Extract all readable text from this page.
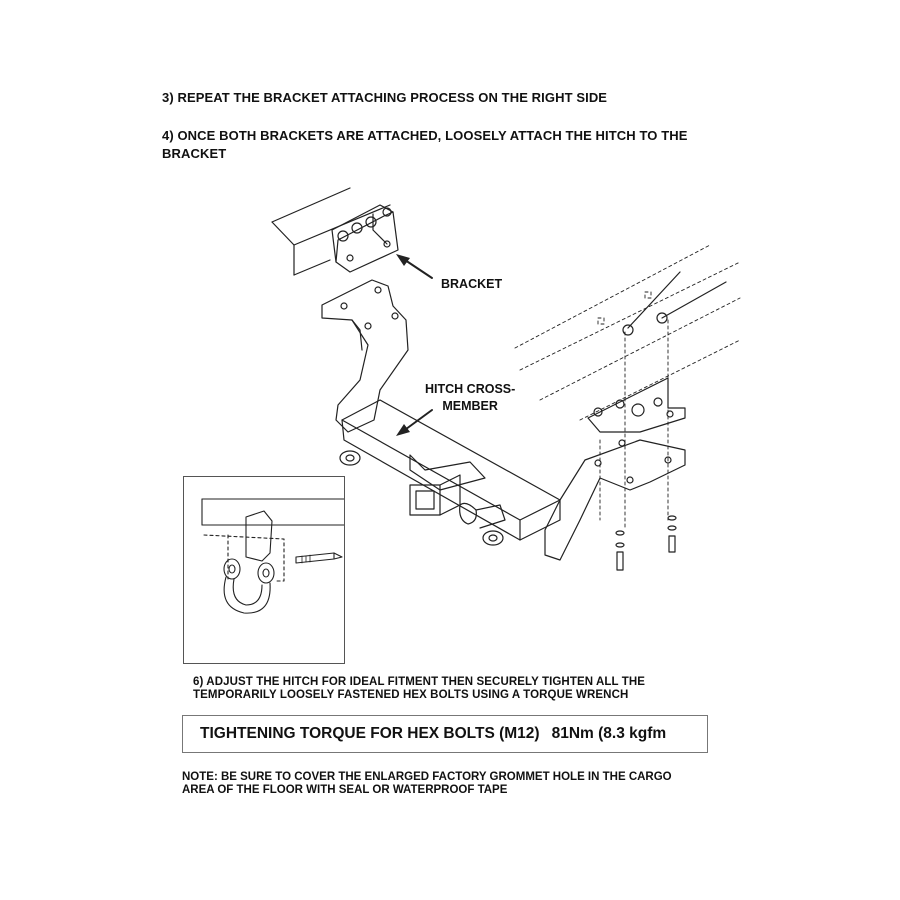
3) REPEAT THE BRACKET ATTACHING PROCESS ON THE RIGHT SIDE

4) ONCE BOTH BRACKETS ARE ATTACHED, LOOSELY ATTACH THE HITCH TO THE BRACKET

BRACKET
HITCH CROSS-
MEMBER

6) ADJUST THE HITCH FOR IDEAL FITMENT THEN SECURELY TIGHTEN ALL THE TEMPORARILY LOOSELY FASTENED HEX BOLTS USING A TORQUE WRENCH

TIGHTENING TORQUE FOR HEX BOLTS (M12) 81Nm (8.3 kgfm

NOTE: BE SURE TO COVER THE ENLARGED FACTORY GROMMET HOLE IN THE CARGO AREA OF THE FLOOR WITH SEAL OR WATERPROOF TAPE
